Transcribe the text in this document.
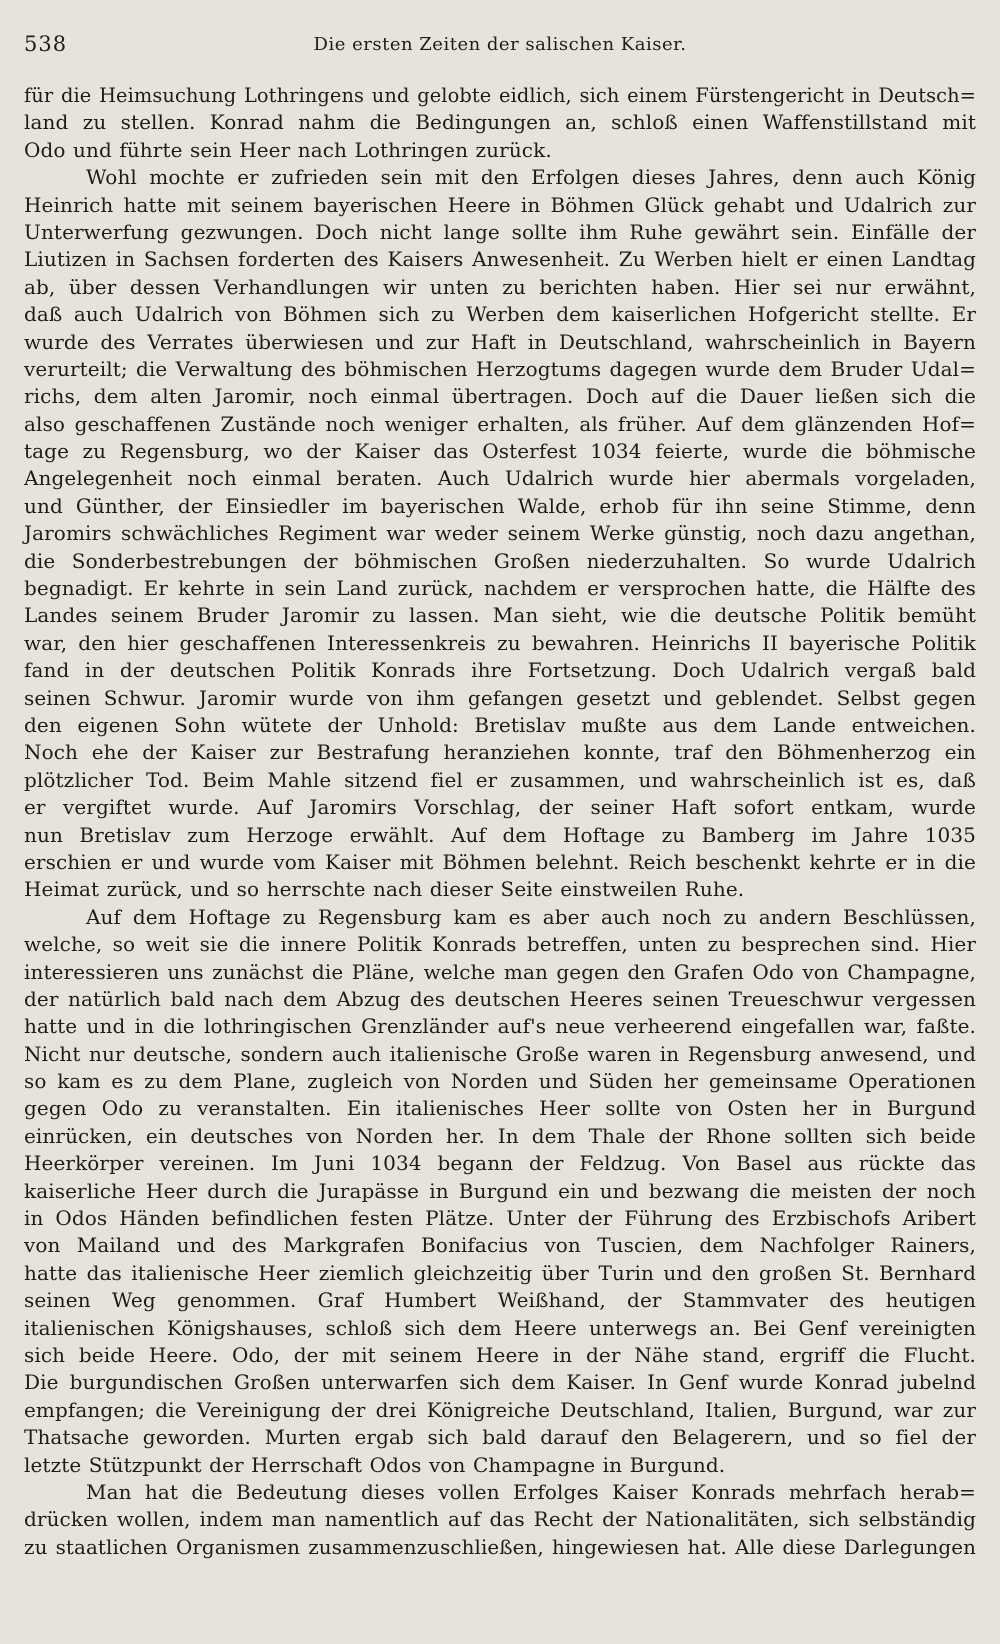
538	Die ersten Zeiten der salischen Kaiser.
für die Heimsuchung Lothringens und gelobte eidlich, sich einem Fürstengericht in Deutsch=
land zu stellen. Konrad nahm die Bedingungen an, schloß einen Waffenstillstand mit
Odo und führte sein Heer nach Lothringen zurück.
Wohl mochte er zufrieden sein mit den Erfolgen dieses Jahres, denn auch König
Heinrich hatte mit seinem bayerischen Heere in Böhmen Glück gehabt und Udalrich zur
Unterwerfung gezwungen. Doch nicht lange sollte ihm Ruhe gewährt sein. Einfälle der
Liutizen in Sachsen forderten des Kaisers Anwesenheit. Zu Werben hielt er einen Landtag
ab, über dessen Verhandlungen wir unten zu berichten haben. Hier sei nur erwähnt,
daß auch Udalrich von Böhmen sich zu Werben dem kaiserlichen Hofgericht stellte. Er
wurde des Verrates überwiesen und zur Haft in Deutschland, wahrscheinlich in Bayern
verurteilt; die Verwaltung des böhmischen Herzogtums dagegen wurde dem Bruder Udal=
richs, dem alten Jaromir, noch einmal übertragen. Doch auf die Dauer ließen sich die
also geschaffenen Zustände noch weniger erhalten, als früher. Auf dem glänzenden Hof=
tage zu Regensburg, wo der Kaiser das Osterfest 1034 feierte, wurde die böhmische
Angelegenheit noch einmal beraten. Auch Udalrich wurde hier abermals vorgeladen,
und Günther, der Einsiedler im bayerischen Walde, erhob für ihn seine Stimme, denn
Jaromirs schwächliches Regiment war weder seinem Werke günstig, noch dazu angethan,
die Sonderbestrebungen der böhmischen Großen niederzuhalten. So wurde Udalrich
begnadigt. Er kehrte in sein Land zurück, nachdem er versprochen hatte, die Hälfte des
Landes seinem Bruder Jaromir zu lassen. Man sieht, wie die deutsche Politik bemüht
war, den hier geschaffenen Interessenkreis zu bewahren. Heinrichs II bayerische Politik
fand in der deutschen Politik Konrads ihre Fortsetzung. Doch Udalrich vergaß bald
seinen Schwur. Jaromir wurde von ihm gefangen gesetzt und geblendet. Selbst gegen
den eigenen Sohn wütete der Unhold: Bretislav mußte aus dem Lande entweichen.
Noch ehe der Kaiser zur Bestrafung heranziehen konnte, traf den Böhmenherzog ein
plötzlicher Tod. Beim Mahle sitzend fiel er zusammen, und wahrscheinlich ist es, daß
er vergiftet wurde. Auf Jaromirs Vorschlag, der seiner Haft sofort entkam, wurde
nun Bretislav zum Herzoge erwählt. Auf dem Hoftage zu Bamberg im Jahre 1035
erschien er und wurde vom Kaiser mit Böhmen belehnt. Reich beschenkt kehrte er in die
Heimat zurück, und so herrschte nach dieser Seite einstweilen Ruhe.
Auf dem Hoftage zu Regensburg kam es aber auch noch zu andern Beschlüssen,
welche, so weit sie die innere Politik Konrads betreffen, unten zu besprechen sind. Hier
interessieren uns zunächst die Pläne, welche man gegen den Grafen Odo von Champagne,
der natürlich bald nach dem Abzug des deutschen Heeres seinen Treueschwur vergessen
hatte und in die lothringischen Grenzländer auf's neue verheerend eingefallen war, faßte.
Nicht nur deutsche, sondern auch italienische Große waren in Regensburg anwesend, und
so kam es zu dem Plane, zugleich von Norden und Süden her gemeinsame Operationen
gegen Odo zu veranstalten. Ein italienisches Heer sollte von Osten her in Burgund
einrücken, ein deutsches von Norden her. In dem Thale der Rhone sollten sich beide
Heerkörper vereinen. Im Juni 1034 begann der Feldzug. Von Basel aus rückte das
kaiserliche Heer durch die Jurapässe in Burgund ein und bezwang die meisten der noch
in Odos Händen befindlichen festen Plätze. Unter der Führung des Erzbischofs Aribert
von Mailand und des Markgrafen Bonifacius von Tuscien, dem Nachfolger Rainers,
hatte das italienische Heer ziemlich gleichzeitig über Turin und den großen St. Bernhard
seinen Weg genommen. Graf Humbert Weißhand, der Stammvater des heutigen
italienischen Königshauses, schloß sich dem Heere unterwegs an. Bei Genf vereinigten
sich beide Heere. Odo, der mit seinem Heere in der Nähe stand, ergriff die Flucht.
Die burgundischen Großen unterwarfen sich dem Kaiser. In Genf wurde Konrad jubelnd
empfangen; die Vereinigung der drei Königreiche Deutschland, Italien, Burgund, war zur
Thatsache geworden. Murten ergab sich bald darauf den Belagerern, und so fiel der
letzte Stützpunkt der Herrschaft Odos von Champagne in Burgund.
Man hat die Bedeutung dieses vollen Erfolges Kaiser Konrads mehrfach herab=
drücken wollen, indem man namentlich auf das Recht der Nationalitäten, sich selbständig
zu staatlichen Organismen zusammenzuschließen, hingewiesen hat. Alle diese Darlegungen
